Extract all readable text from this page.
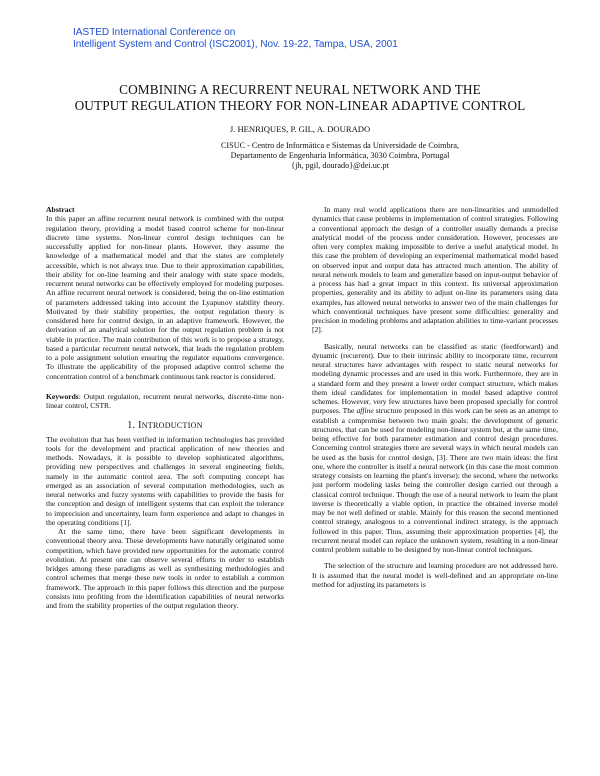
IASTED International Conference on
Intelligent System and Control (ISC2001), Nov. 19-22, Tampa, USA, 2001
COMBINING A RECURRENT NEURAL NETWORK AND THE
OUTPUT REGULATION THEORY FOR NON-LINEAR ADAPTIVE CONTROL
J. HENRIQUES, P. GIL, A. DOURADO
CISUC - Centro de Informática e Sistemas da Universidade de Coimbra,
Departamento de Engenharia Informática, 3030 Coimbra, Portugal
{jh, pgil, dourado}@dei.uc.pt
Abstract

In this paper an affine recurrent neural network is combined with the output regulation theory, providing a model based control scheme for non-linear discrete time systems. Non-linear control design techniques can be successfully applied for non-linear plants. However, they assume the knowledge of a mathematical model and that the states are completely accessible, which is not always true. Due to their approximation capabilities, their ability for on-line learning and their analogy with state space models, recurrent neural networks can be effectively employed for modeling purposes. An affine recurrent neural network is considered, being the on-line estimation of parameters addressed taking into account the Lyapunov stability theory. Motivated by their stability properties, the output regulation theory is considered here for control design, in an adaptive framework. However, the derivation of an analytical solution for the output regulation problem is not viable in practice. The main contribution of this work is to propose a strategy, based a particular recurrent neural network, that leads the regulation problem to a pole assignment solution ensuring the regulator equations convergence. To illustrate the applicability of the proposed adaptive control scheme the concentration control of a benchmark continuous tank reactor is considered.

Keywords: Output regulation, recurrent neural networks, discrete-time non-linear control, CSTR.

1. INTRODUCTION

The evolution that has been verified in information technologies has provided tools for the development and practical application of new theories and methods. Nowadays, it is possible to develop sophisticated algorithms, providing new perspectives and challenges in several engineering fields, namely in the automatic control area. The soft computing concept has emerged as an association of several computation methodologies, such as neural networks and fuzzy systems with capabilities to provide the basis for the conception and design of intelligent systems that can exploit the tolerance to imprecision and uncertainty, learn form experience and adapt to changes in the operating conditions [1].

At the same time, there have been significant developments in conventional theory area. These developments have naturally originated some competition, which have provided new opportunities for the automatic control evolution. At present one can observe several efforts in order to establish bridges among these paradigms as well as synthesizing methodologies and control schemes that merge these new tools in order to establish a common framework. The approach in this paper follows this direction and the purpose consists into profiting from the identification capabilities of neural networks and from the stability properties of the output regulation theory.

In many real world applications there are non-linearities and unmodelled dynamics that cause problems in implementation of control strategies. Following a conventional approach the design of a controller usually demands a precise analytical model of the process under consideration. However, processes are often very complex making impossible to derive a useful analytical model. In this case the problem of developing an experimental mathematical model based on observed input and output data has attracted much attention. The ability of neural network models to learn and generalize based on input-output behavior of a process has had a great impact in this context. Its universal approximation properties, generality and its ability to adjust on-line its parameters using data examples, has allowed neural networks to answer two of the main challenges for which conventional techniques have present some difficulties: generality and precision in modeling problems and adaptation abilities to time-variant processes [2].

Basically, neural networks can be classified as static (feedforward) and dynamic (recurrent). Due to their intrinsic ability to incorporate time, recurrent neural structures have advantages with respect to static neural networks for modeling dynamic processes and are used in this work. Furthermore, they are in a standard form and they present a lower order compact structure, which makes them ideal candidates for implementation in model based adaptive control schemes. However, very few structures have been proposed specially for control purposes. The affine structure proposed in this work can be seen as an attempt to establish a compromise between two main goals: the development of generic structures, that can be used for modeling non-linear system but, at the same time, being effective for both parameter estimation and control design procedures. Concerning control strategies there are several ways in which neural models can be used as the basis for control design, [3]. There are two main ideas: the first one, where the controller is itself a neural network (in this case the most common strategy consists on learning the plant's inverse); the second, where the networks just perform modeling tasks being the controller design carried out through a classical control technique. Though the use of a neural network to learn the plant inverse is theoretically a viable option, in practice the obtained inverse model may be not well defined or stable. Mainly for this reason the second mentioned control strategy, analogous to a conventional indirect strategy, is the approach followed in this paper. Thus, assuming their approximation properties [4], the recurrent neural model can replace the unknown system, resulting in a non-linear control problem suitable to be designed by non-linear control techniques.

The selection of the structure and learning procedure are not addressed here. It is assumed that the neural model is well-defined and an appropriate on-line method for adjusting its parameters is
